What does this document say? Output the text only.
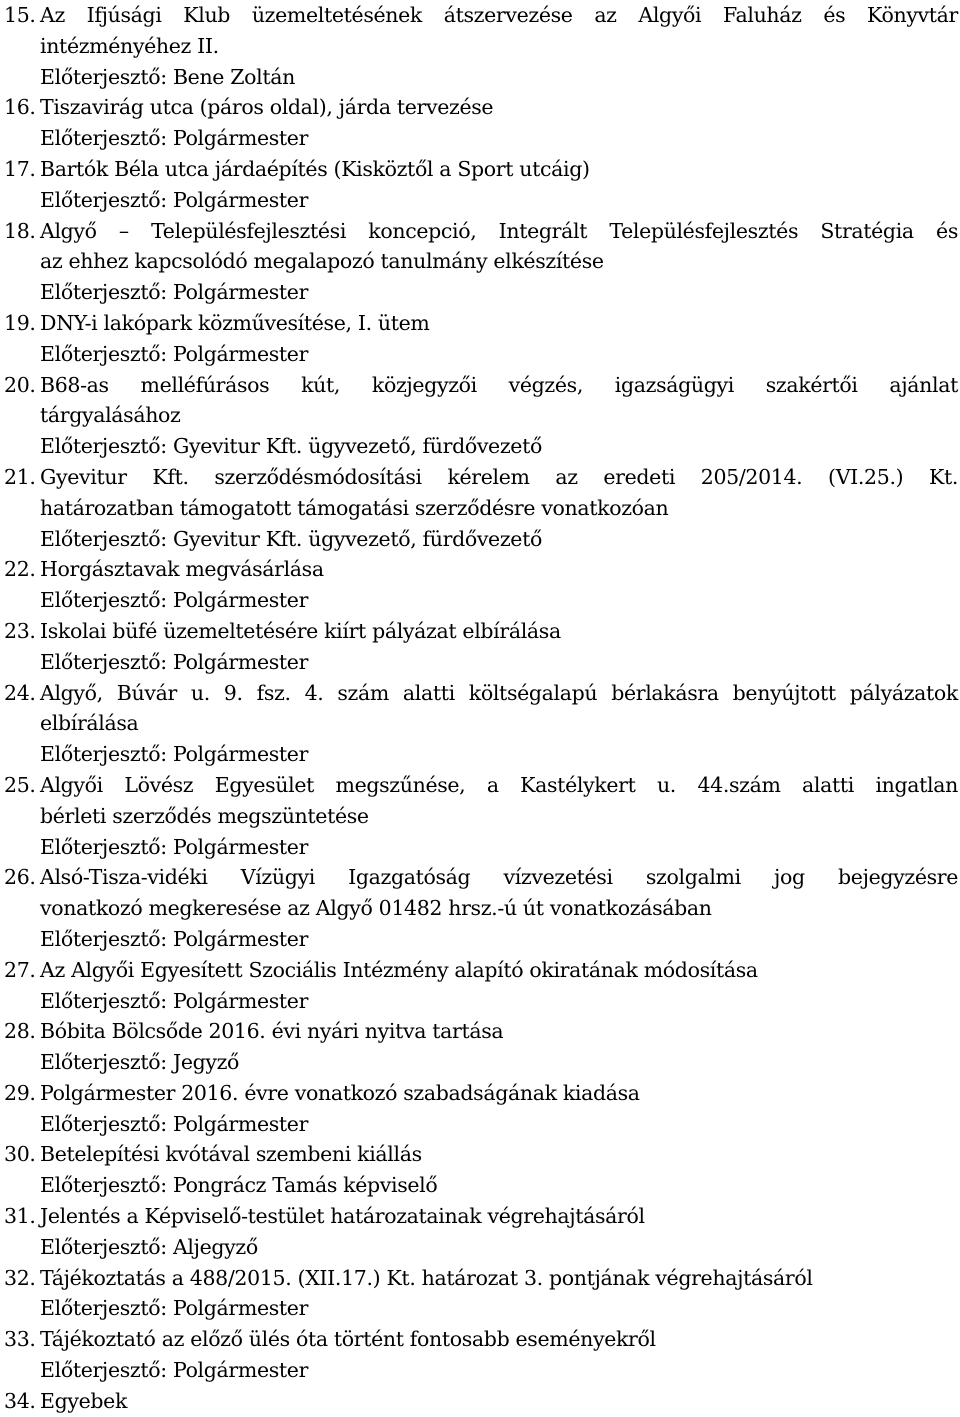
15. Az Ifjúsági Klub üzemeltetésének átszervezése az Algyői Faluház és Könyvtár
intézményéhez II.
Előterjesztő: Bene Zoltán
16. Tiszavirág utca (páros oldal), járda tervezése
Előterjesztő: Polgármester
17. Bartók Béla utca járdaépítés (Kisköztől a Sport utcáig)
Előterjesztő: Polgármester
18. Algyő – Településfejlesztési koncepció, Integrált Településfejlesztés Stratégia és
az ehhez kapcsolódó megalapozó tanulmány elkészítése
Előterjesztő: Polgármester
19. DNY-i lakópark közművesítése, I. ütem
Előterjesztő: Polgármester
20. B68-as melléfúrásos kút, közjegyzői végzés, igazságügyi szakértői ajánlat
tárgyalásához
Előterjesztő: Gyevitur Kft. ügyvezető, fürdővezető
21. Gyevitur Kft. szerződésmódosítási kérelem az eredeti 205/2014. (VI.25.) Kt.
határozatban támogatott támogatási szerződésre vonatkozóan
Előterjesztő: Gyevitur Kft. ügyvezető, fürdővezető
22. Horgásztavak megvásárlása
Előterjesztő: Polgármester
23. Iskolai büfé üzemeltetésére kiírt pályázat elbírálása
Előterjesztő: Polgármester
24. Algyő, Búvár u. 9. fsz. 4. szám alatti költségalapú bérlakásra benyújtott pályázatok
elbírálása
Előterjesztő: Polgármester
25. Algyői Lövész Egyesület megszűnése, a Kastélykert u. 44.szám alatti ingatlan
bérleti szerződés megszüntetése
Előterjesztő: Polgármester
26. Alsó-Tisza-vidéki Vízügyi Igazgatóság vízvezetési szolgalmi jog bejegyzésre
vonatkozó megkeresése az Algyő 01482 hrsz.-ú út vonatkozásában
Előterjesztő: Polgármester
27. Az Algyői Egyesített Szociális Intézmény alapító okiratának módosítása
Előterjesztő: Polgármester
28. Bóbita Bölcsőde 2016. évi nyári nyitva tartása
Előterjesztő: Jegyző
29. Polgármester 2016. évre vonatkozó szabadságának kiadása
Előterjesztő: Polgármester
30. Betelepítési kvótával szembeni kiállás
Előterjesztő: Pongrácz Tamás képviselő
31. Jelentés a Képviselő-testület határozatainak végrehajtásáról
Előterjesztő: Aljegyző
32. Tájékoztatás a 488/2015. (XII.17.) Kt. határozat 3. pontjának végrehajtásáról
Előterjesztő: Polgármester
33. Tájékoztató az előző ülés óta történt fontosabb eseményekről
Előterjesztő: Polgármester
34. Egyebek
